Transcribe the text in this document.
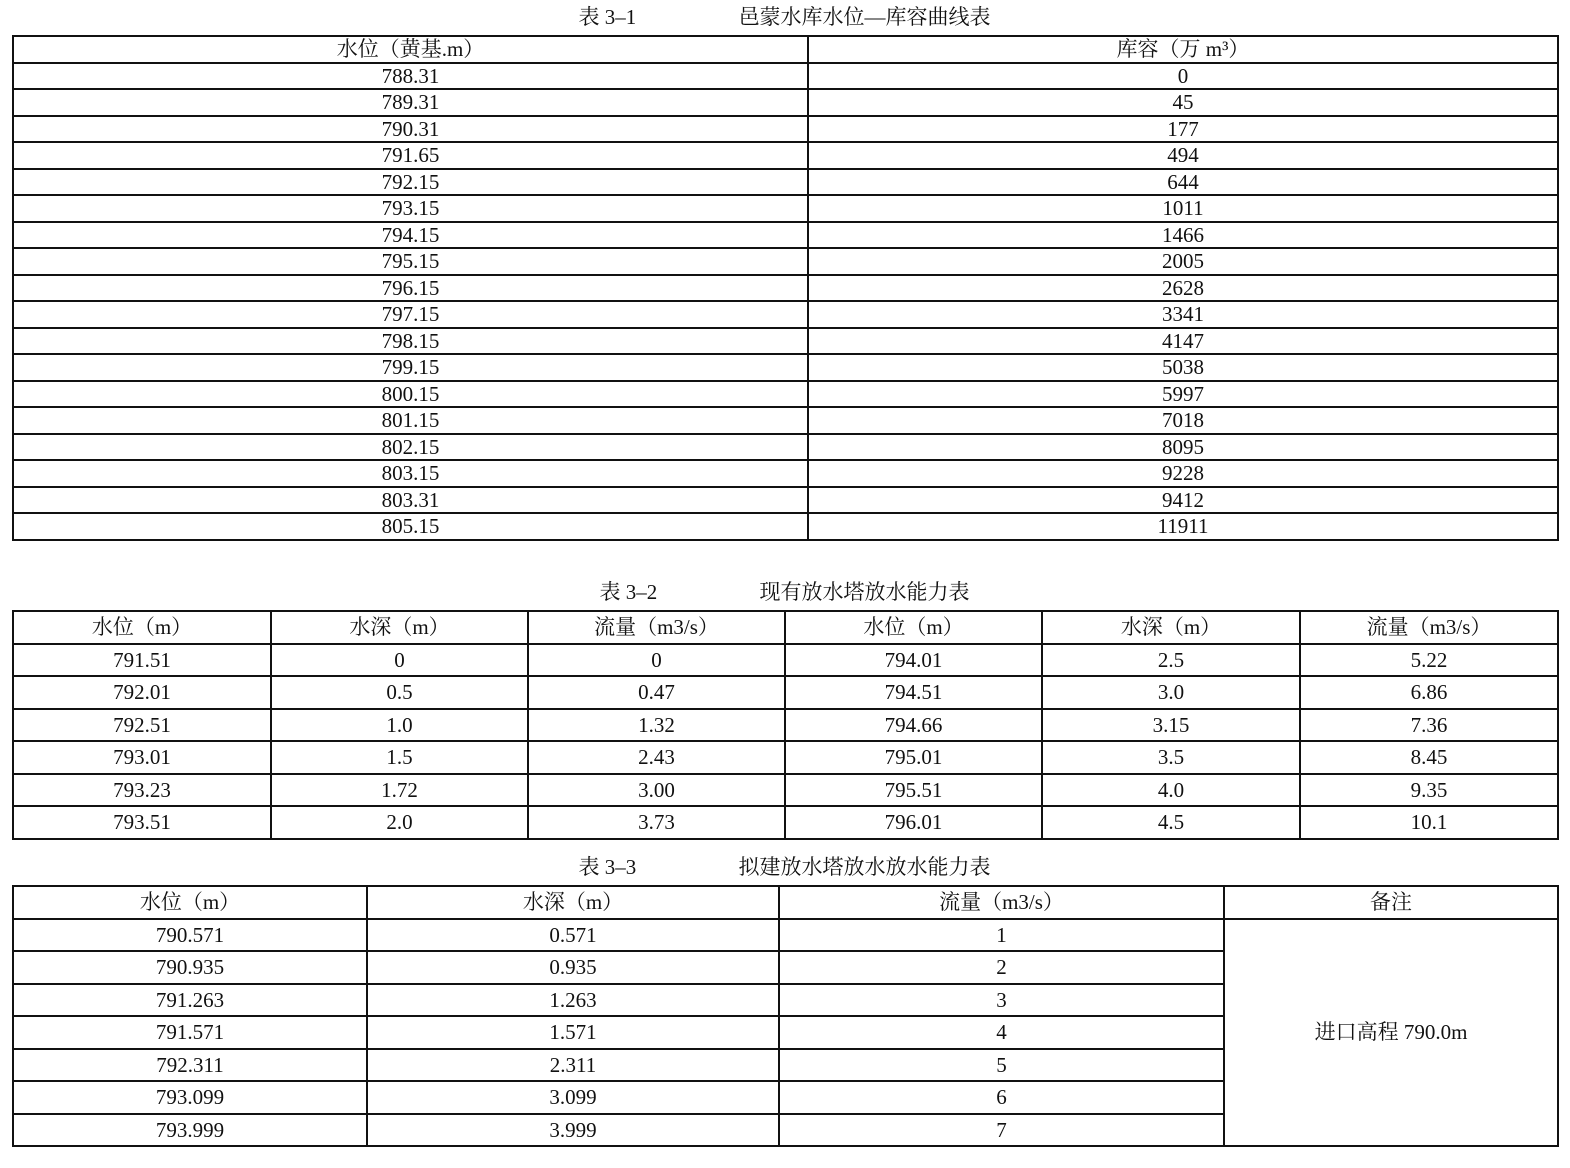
表 3–1	邑蒙水库水位—库容曲线表
水位（黄基.m）	库容（万 m³）
788.31	0
789.31	45
790.31	177
791.65	494
792.15	644
793.15	1011
794.15	1466
795.15	2005
796.15	2628
797.15	3341
798.15	4147
799.15	5038
800.15	5997
801.15	7018
802.15	8095
803.15	9228
803.31	9412
805.15	11911
表 3–2	现有放水塔放水能力表
水位（m）	水深（m）	流量（m3/s）	水位（m）	水深（m）	流量（m3/s）
791.51	0	0	794.01	2.5	5.22
792.01	0.5	0.47	794.51	3.0	6.86
792.51	1.0	1.32	794.66	3.15	7.36
793.01	1.5	2.43	795.01	3.5	8.45
793.23	1.72	3.00	795.51	4.0	9.35
793.51	2.0	3.73	796.01	4.5	10.1
表 3–3	拟建放水塔放水放水能力表
水位（m）	水深（m）	流量（m3/s）	备注
790.571	0.571	1	进口高程 790.0m
790.935	0.935	2	
791.263	1.263	3	
791.571	1.571	4	
792.311	2.311	5	
793.099	3.099	6	
793.999	3.999	7	
